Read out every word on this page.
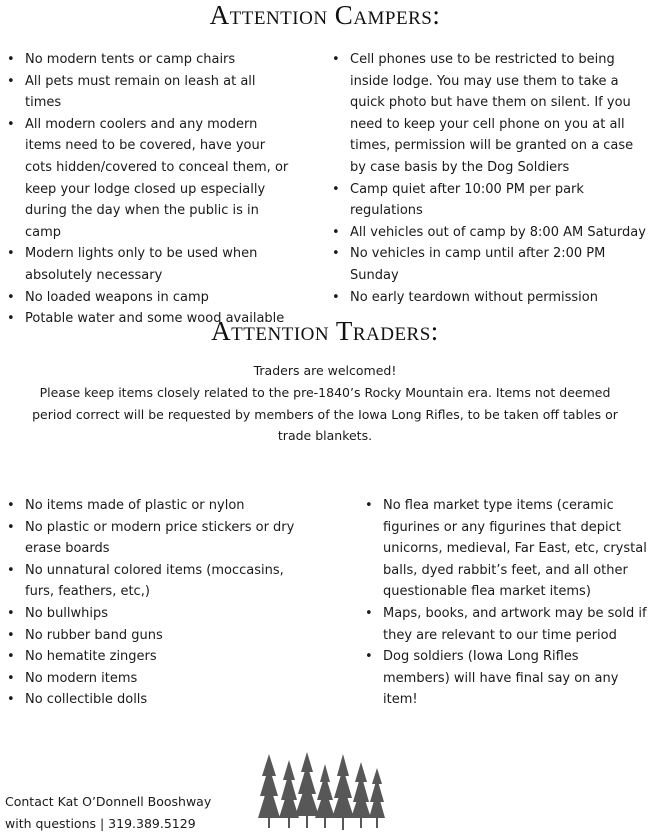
Attention Campers:
• No modern tents or camp chairs
• All pets must remain on leash at all times
• All modern coolers and any modern items need to be covered, have your cots hidden/covered to conceal them, or keep your lodge closed up especially during the day when the public is in camp
• Modern lights only to be used when absolutely necessary
• No loaded weapons in camp
• Potable water and some wood available
• Cell phones use to be restricted to being inside lodge. You may use them to take a quick photo but have them on silent. If you need to keep your cell phone on you at all times, permission will be granted on a case by case basis by the Dog Soldiers
• Camp quiet after 10:00 PM per park regulations
• All vehicles out of camp by 8:00 AM Saturday
• No vehicles in camp until after 2:00 PM Sunday
• No early teardown without permission
Attention Traders:
Traders are welcomed!
Please keep items closely related to the pre-1840’s Rocky Mountain era. Items not deemed period correct will be requested by members of the Iowa Long Rifles, to be taken off tables or trade blankets.
• No items made of plastic or nylon
• No plastic or modern price stickers or dry erase boards
• No unnatural colored items (moccasins, furs, feathers, etc,)
• No bullwhips
• No rubber band guns
• No hematite zingers
• No modern items
• No collectible dolls
• No flea market type items (ceramic figurines or any figurines that depict unicorns, medieval, Far East, etc, crystal balls, dyed rabbit’s feet, and all other questionable flea market items)
• Maps, books, and artwork may be sold if they are relevant to our time period
• Dog soldiers (Iowa Long Rifles members) will have final say on any item!
Contact Kat O’Donnell Booshway
with questions | 319.389.5129
